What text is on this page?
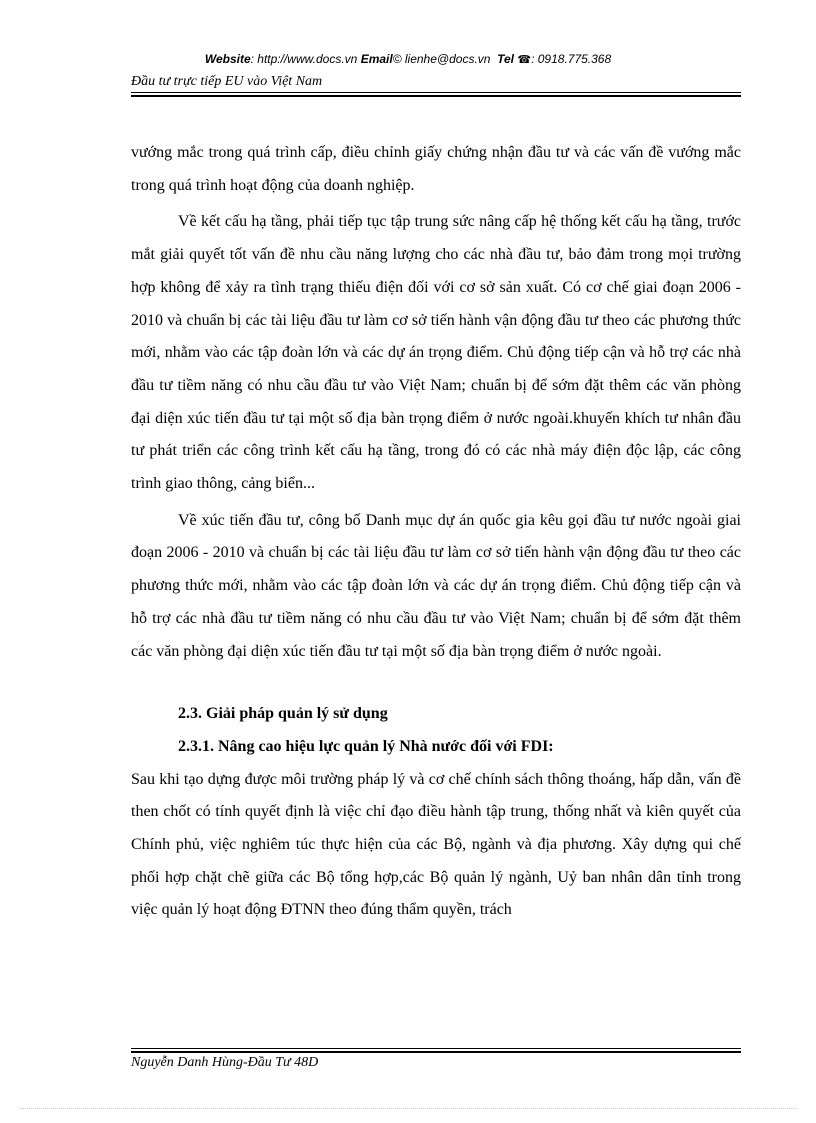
Website: http://www.docs.vn Email© lienhe@docs.vn Tel ☎: 0918.775.368
Đầu tư trực tiếp EU vào Việt Nam

vướng mắc trong quá trình cấp, điều chỉnh giấy chứng nhận đầu tư và các vấn đề vướng mắc trong quá trình hoạt động của doanh nghiệp.

Về kết cấu hạ tầng, phải tiếp tục tập trung sức nâng cấp hệ thống kết cấu hạ tầng, trước mắt giải quyết tốt vấn đề nhu cầu năng lượng cho các nhà đầu tư, bảo đảm trong mọi trường hợp không để xảy ra tình trạng thiếu điện đối với cơ sở sản xuất. Có cơ chế giai đoạn 2006 - 2010 và chuẩn bị các tài liệu đầu tư làm cơ sở tiến hành vận động đầu tư theo các phương thức mới, nhằm vào các tập đoàn lớn và các dự án trọng điểm. Chủ động tiếp cận và hỗ trợ các nhà đầu tư tiềm năng có nhu cầu đầu tư vào Việt Nam; chuẩn bị để sớm đặt thêm các văn phòng đại diện xúc tiến đầu tư tại một số địa bàn trọng điểm ở nước ngoài.khuyến khích tư nhân đầu tư phát triển các công trình kết cấu hạ tầng, trong đó có các nhà máy điện độc lập, các công trình giao thông, cảng biển...

Về xúc tiến đầu tư, công bố Danh mục dự án quốc gia kêu gọi đầu tư nước ngoài giai đoạn 2006 - 2010 và chuẩn bị các tài liệu đầu tư làm cơ sở tiến hành vận động đầu tư theo các phương thức mới, nhằm vào các tập đoàn lớn và các dự án trọng điểm. Chủ động tiếp cận và hỗ trợ các nhà đầu tư tiềm năng có nhu cầu đầu tư vào Việt Nam; chuẩn bị để sớm đặt thêm các văn phòng đại diện xúc tiến đầu tư tại một số địa bàn trọng điểm ở nước ngoài.

2.3. Giải pháp quản lý sử dụng

2.3.1. Nâng cao hiệu lực quản lý Nhà nước đối với FDI:

Sau khi tạo dựng được môi trường pháp lý và cơ chế chính sách thông thoáng, hấp dẫn, vấn đề then chốt có tính quyết định là việc chỉ đạo điều hành tập trung, thống nhất và kiên quyết của Chính phủ, việc nghiêm túc thực hiện của các Bộ, ngành và địa phương. Xây dựng qui chế phối hợp chặt chẽ giữa các Bộ tổng hợp,các Bộ quản lý ngành, Uỷ ban nhân dân tỉnh trong việc quản lý hoạt động ĐTNN theo đúng thẩm quyền, trách

Nguyễn Danh Hùng-Đầu Tư 48D
